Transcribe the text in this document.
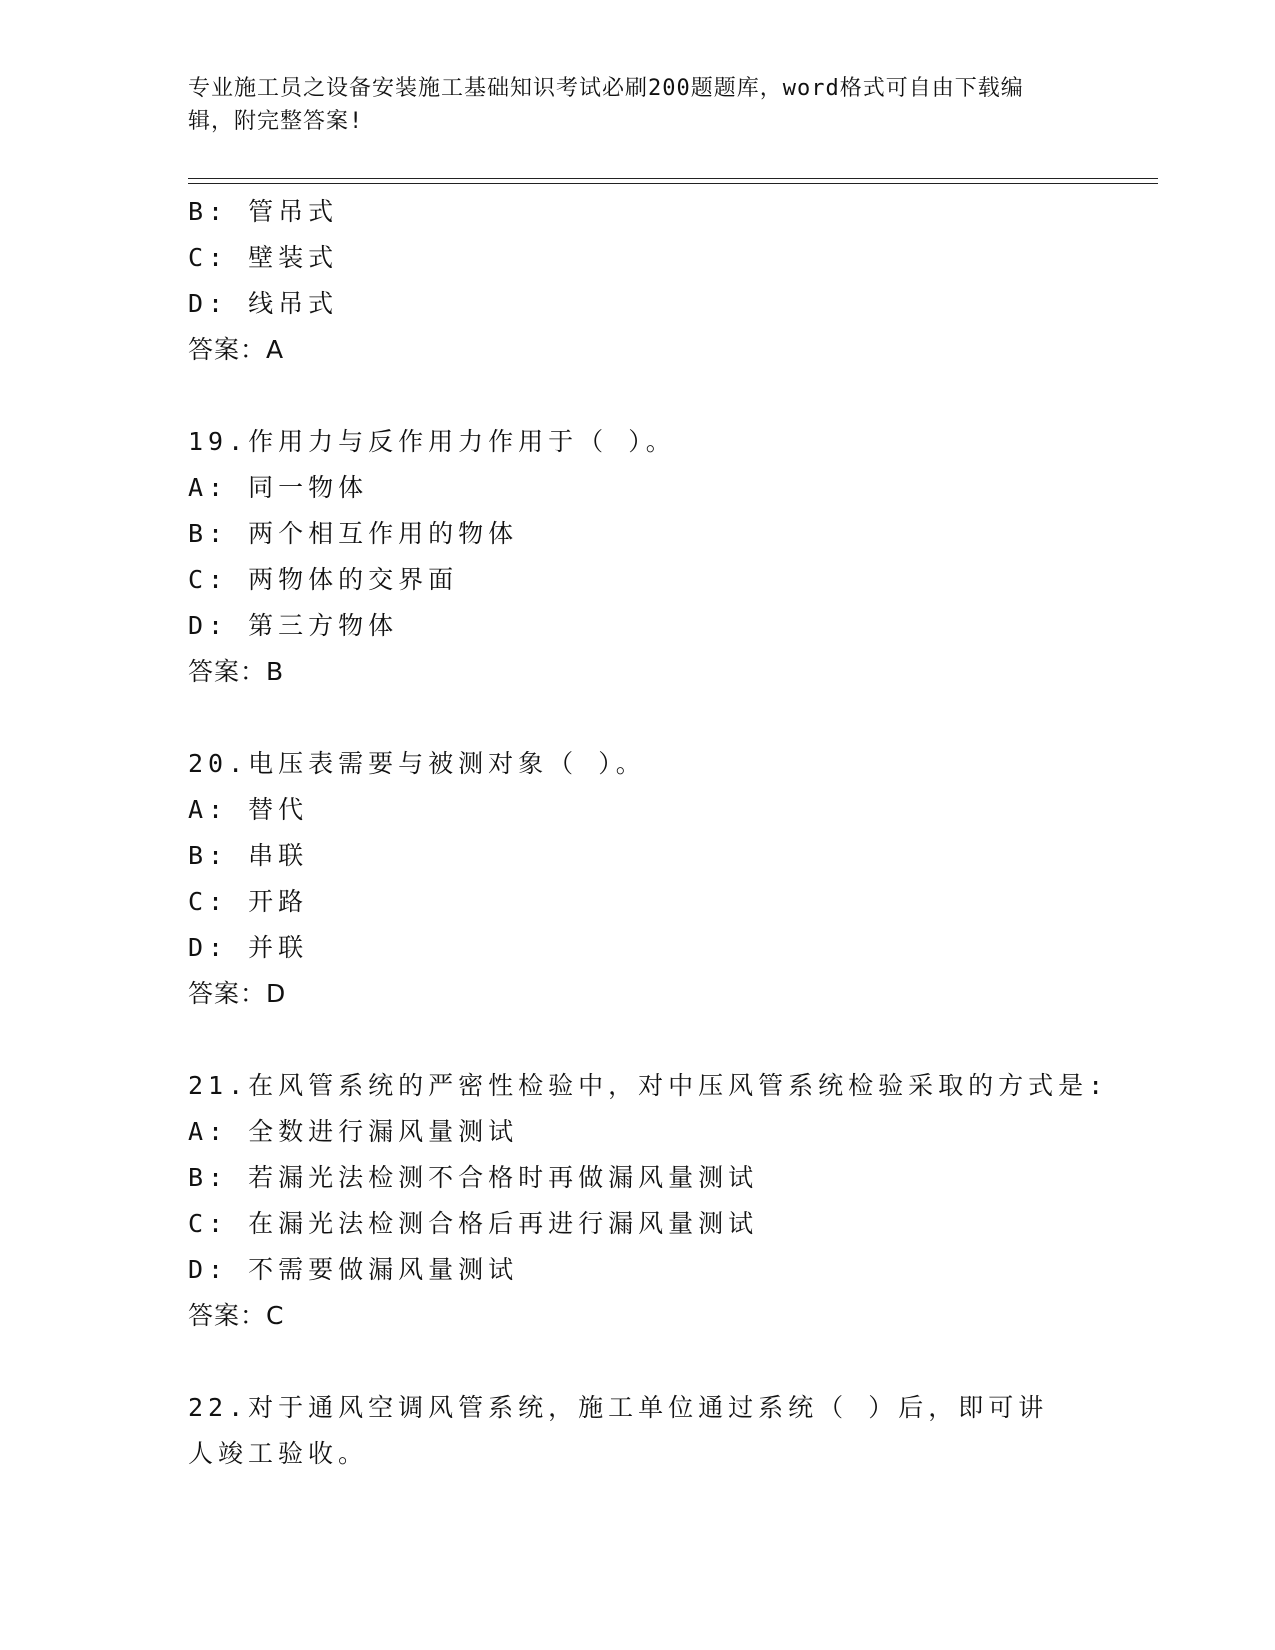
专业施工员之设备安装施工基础知识考试必刷200题题库，word格式可自由下载编辑，附完整答案!
B: 管吊式
C: 壁装式
D: 线吊式
答案：A
19.作用力与反作用力作用于（ ）。
A: 同一物体
B: 两个相互作用的物体
C: 两物体的交界面
D: 第三方物体
答案：B
20.电压表需要与被测对象（ ）。
A: 替代
B: 串联
C: 开路
D: 并联
答案：D
21.在风管系统的严密性检验中，对中压风管系统检验采取的方式是:
A: 全数进行漏风量测试
B: 若漏光法检测不合格时再做漏风量测试
C: 在漏光法检测合格后再进行漏风量测试
D: 不需要做漏风量测试
答案：C
22.对于通风空调风管系统，施工单位通过系统（ ）后，即可讲人竣工验收。
